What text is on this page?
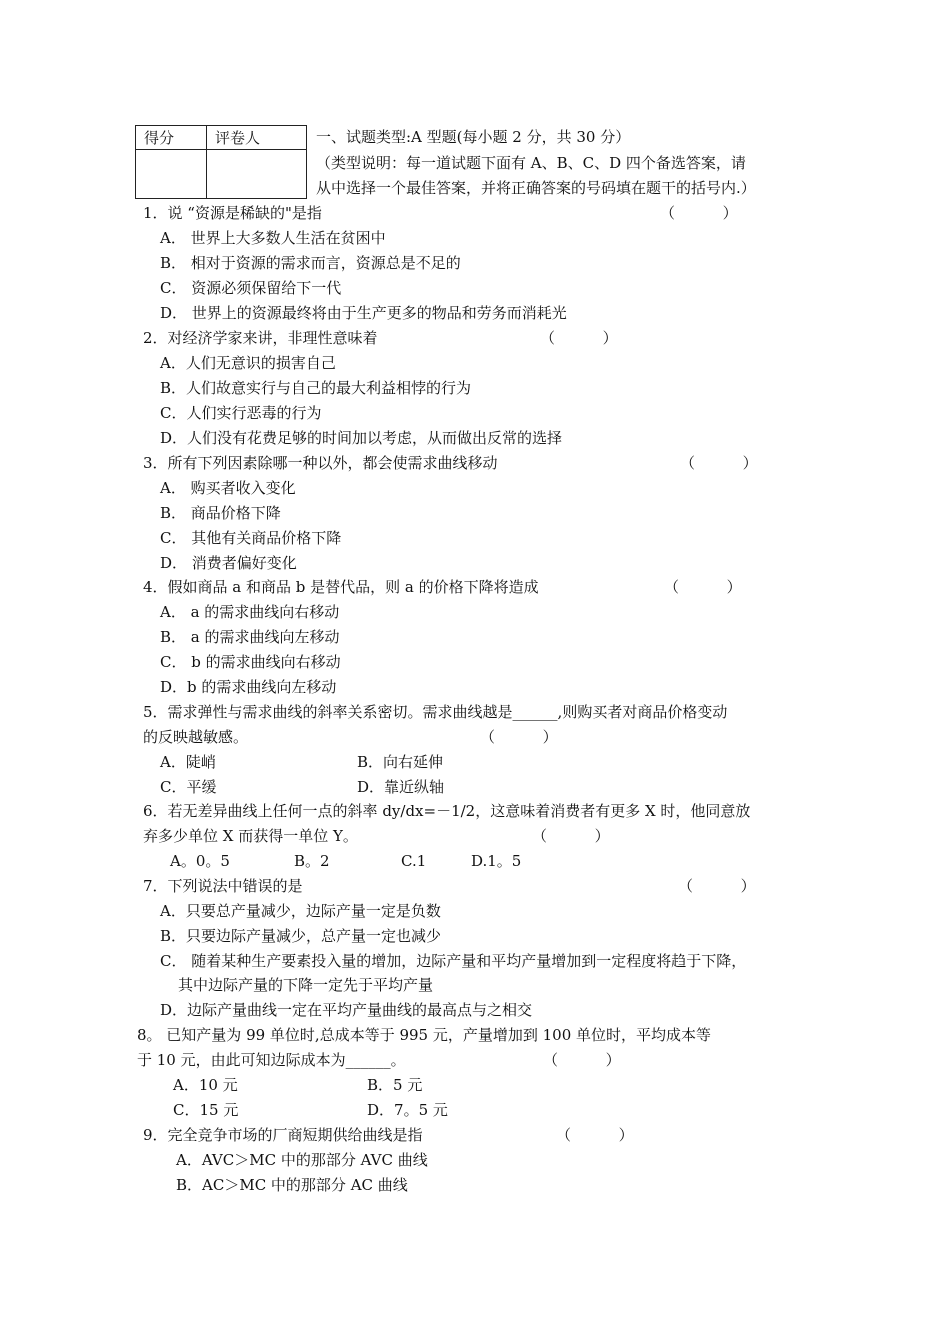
得分	评卷人
		一、试题类型:A 型题(每小题 2 分，共 30 分）
（类型说明：每一道试题下面有 A、B、C、D 四个备选答案，请
从中选择一个最佳答案，并将正确答案的号码填在题干的括号内.）
1．说 “资源是稀缺的"是指	（          ）
A． 世界上大多数人生活在贫困中
B． 相对于资源的需求而言，资源总是不足的
C． 资源必须保留给下一代
D． 世界上的资源最终将由于生产更多的物品和劳务而消耗光
2．对经济学家来讲，非理性意味着	（          ）
A．人们无意识的损害自己
B．人们故意实行与自己的最大利益相悖的行为
C．人们实行恶毒的行为
D．人们没有花费足够的时间加以考虑，从而做出反常的选择
3．所有下列因素除哪一种以外，都会使需求曲线移动	（          ）
A． 购买者收入变化
B． 商品价格下降
C． 其他有关商品价格下降
D． 消费者偏好变化
4．假如商品 a 和商品 b 是替代品，则 a 的价格下降将造成	（          ）
A． a 的需求曲线向右移动
B． a 的需求曲线向左移动
C． b 的需求曲线向右移动
D．b 的需求曲线向左移动
5．需求弹性与需求曲线的斜率关系密切。需求曲线越是______,则购买者对商品价格变动
的反映越敏感。	（          ）
A．陡峭	B．向右延伸
C．平缓	D．靠近纵轴
6．若无差异曲线上任何一点的斜率 dy/dx=－1/2，这意味着消费者有更多 X 时，他同意放
弃多少单位 X 而获得一单位 Y。	（          ）
A。0。5	B。2	C.1	D.1。5
7．下列说法中错误的是	（          ）
A．只要总产量减少，边际产量一定是负数
B．只要边际产量减少，总产量一定也减少
C． 随着某种生产要素投入量的增加，边际产量和平均产量增加到一定程度将趋于下降，
其中边际产量的下降一定先于平均产量
D．边际产量曲线一定在平均产量曲线的最高点与之相交
8。 已知产量为 99 单位时,总成本等于 995 元，产量增加到 100 单位时，平均成本等
于 10 元，由此可知边际成本为______。	（          ）
A．10 元	B．5 元
C．15 元	D．7。5 元
9．完全竞争市场的厂商短期供给曲线是指	（          ）
A．AVC＞MC 中的那部分 AVC 曲线
B．AC＞MC 中的那部分 AC 曲线
